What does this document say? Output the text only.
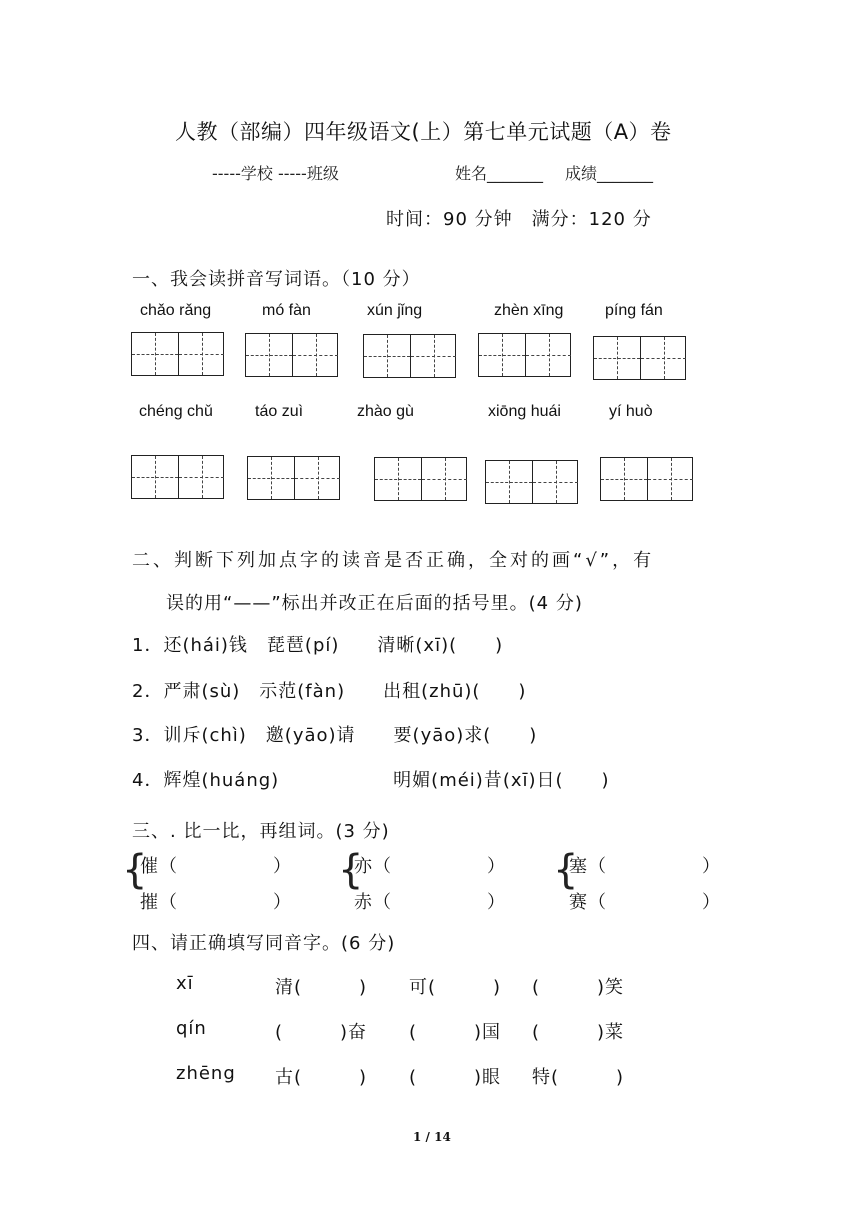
人教（部编）四年级语文(上）第七单元试题（A）卷
-----学校 -----班级	姓名_______ 成绩_______
时间：90 分钟　满分：120 分
一、我会读拼音写词语。（10 分）
chǎo rǎng	mó fàn	xún jǐng	zhèn xīng	píng fán
chéng chǔ	táo zuì	zhào gù	xiōng huái	yí huò
二、判断下列加点字的读音是否正确，全对的画“√”，有
误的用“——”标出并改正在后面的括号里。(4 分)
1．还(hái)钱　琵琶(pí)　　清晰(xī)(　　)
2．严肃(sù)　示范(fàn)　　出租(zhū)(　　)
3．训斥(chì)　邀(yāo)请　　要(yāo)求(　　)
4．辉煌(huáng)　　　　　　明媚(méi)昔(xī)日(　　)
三、. 比一比，再组词。(3 分)
{
催（　　　　　）
摧（　　　　　）
{
亦（　　　　　）
赤（　　　　　）
{
塞（　　　　　）
赛（　　　　　）
四、请正确填写同音字。(6 分)
xī	清(　　　) 可(　　　) (　　　)笑
qín	(　　　)奋 (　　　)国 (　　　)菜
zhēng 古(　　　) (　　　)眼 特(　　　)
1 / 14
